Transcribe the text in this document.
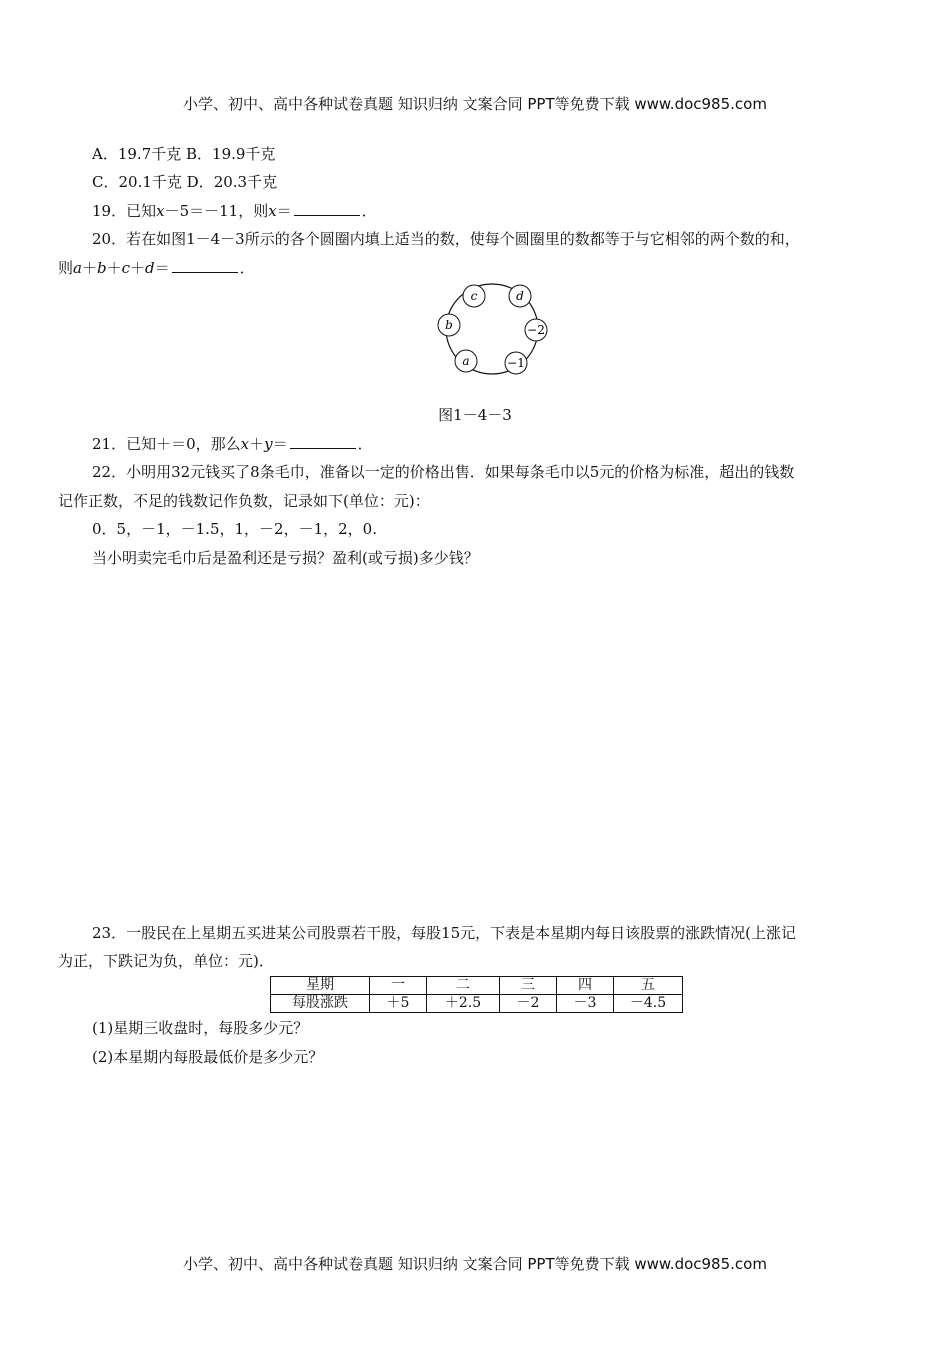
小学、初中、高中各种试卷真题 知识归纳 文案合同 PPT等免费下载 www.doc985.com
A．19.7千克 B．19.9千克
C．20.1千克 D．20.3千克
19．已知x－5＝－11，则x＝	．
20．若在如图1－4－3所示的各个圆圈内填上适当的数，使每个圆圈里的数都等于与它相邻的两个数的和，
则a＋b＋c＋d＝	．
c	d
b	−2
a	−1
图1－4－3
21．已知＋＝0，那么x＋y＝	．
22．小明用32元钱买了8条毛巾，准备以一定的价格出售．如果每条毛巾以5元的价格为标准，超出的钱数
记作正数，不足的钱数记作负数，记录如下(单位：元)：
0．5，－1，－1.5，1，－2，－1，2，0.
当小明卖完毛巾后是盈利还是亏损？盈利(或亏损)多少钱？
23．一股民在上星期五买进某公司股票若干股，每股15元，下表是本星期内每日该股票的涨跌情况(上涨记
为正，下跌记为负，单位：元)．
星期	一	二	三	四	五
每股涨跌	＋5	＋2.5	－2	－3	－4.5
(1)星期三收盘时，每股多少元？
(2)本星期内每股最低价是多少元？
小学、初中、高中各种试卷真题 知识归纳 文案合同 PPT等免费下载 www.doc985.com
